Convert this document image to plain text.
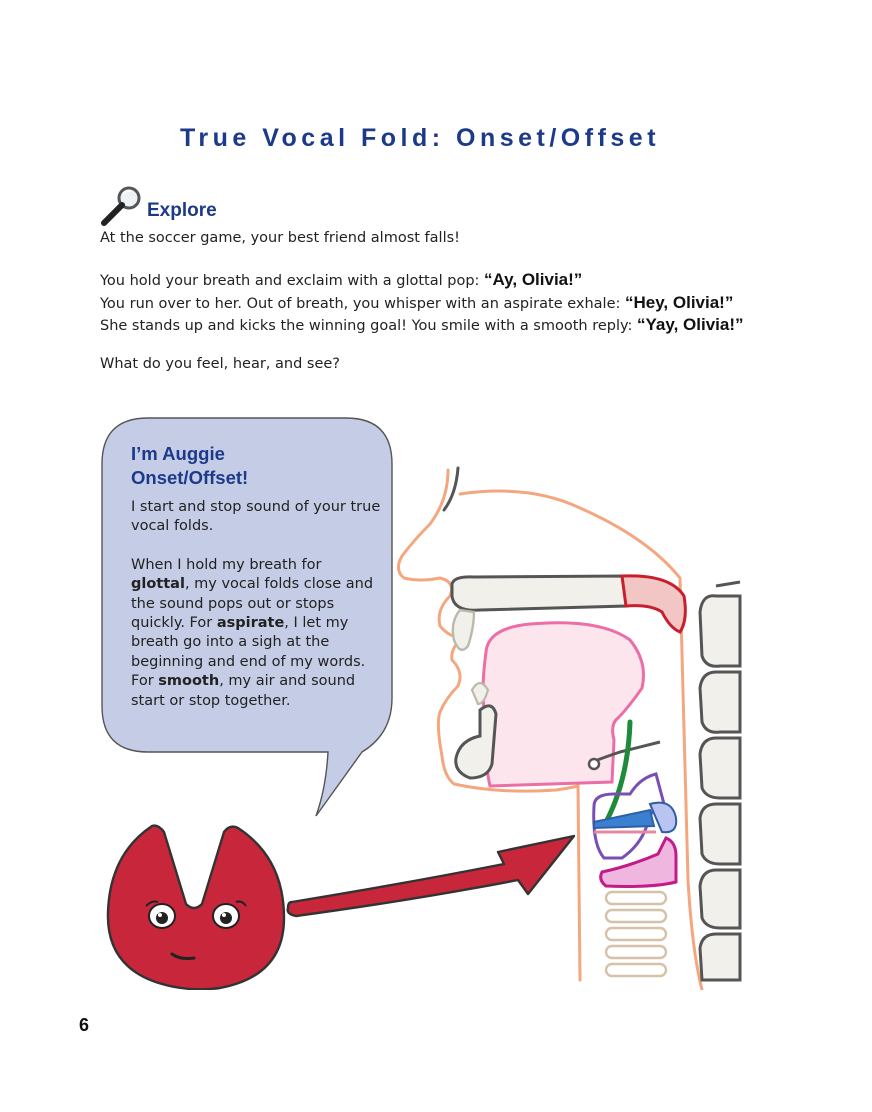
True Vocal Fold: Onset/Offset
Explore
At the soccer game, your best friend almost falls!
You hold your breath and exclaim with a glottal pop: “Ay, Olivia!”
You run over to her. Out of breath, you whisper with an aspirate exhale: “Hey, Olivia!”
She stands up and kicks the winning goal! You smile with a smooth reply: “Yay, Olivia!”
What do you feel, hear, and see?
I’m Auggie
Onset/Offset!

I start and stop sound of your true vocal folds.

When I hold my breath for glottal, my vocal folds close and the sound pops out or stops quickly. For aspirate, I let my breath go into a sigh at the beginning and end of my words. For smooth, my air and sound start or stop together.

6
